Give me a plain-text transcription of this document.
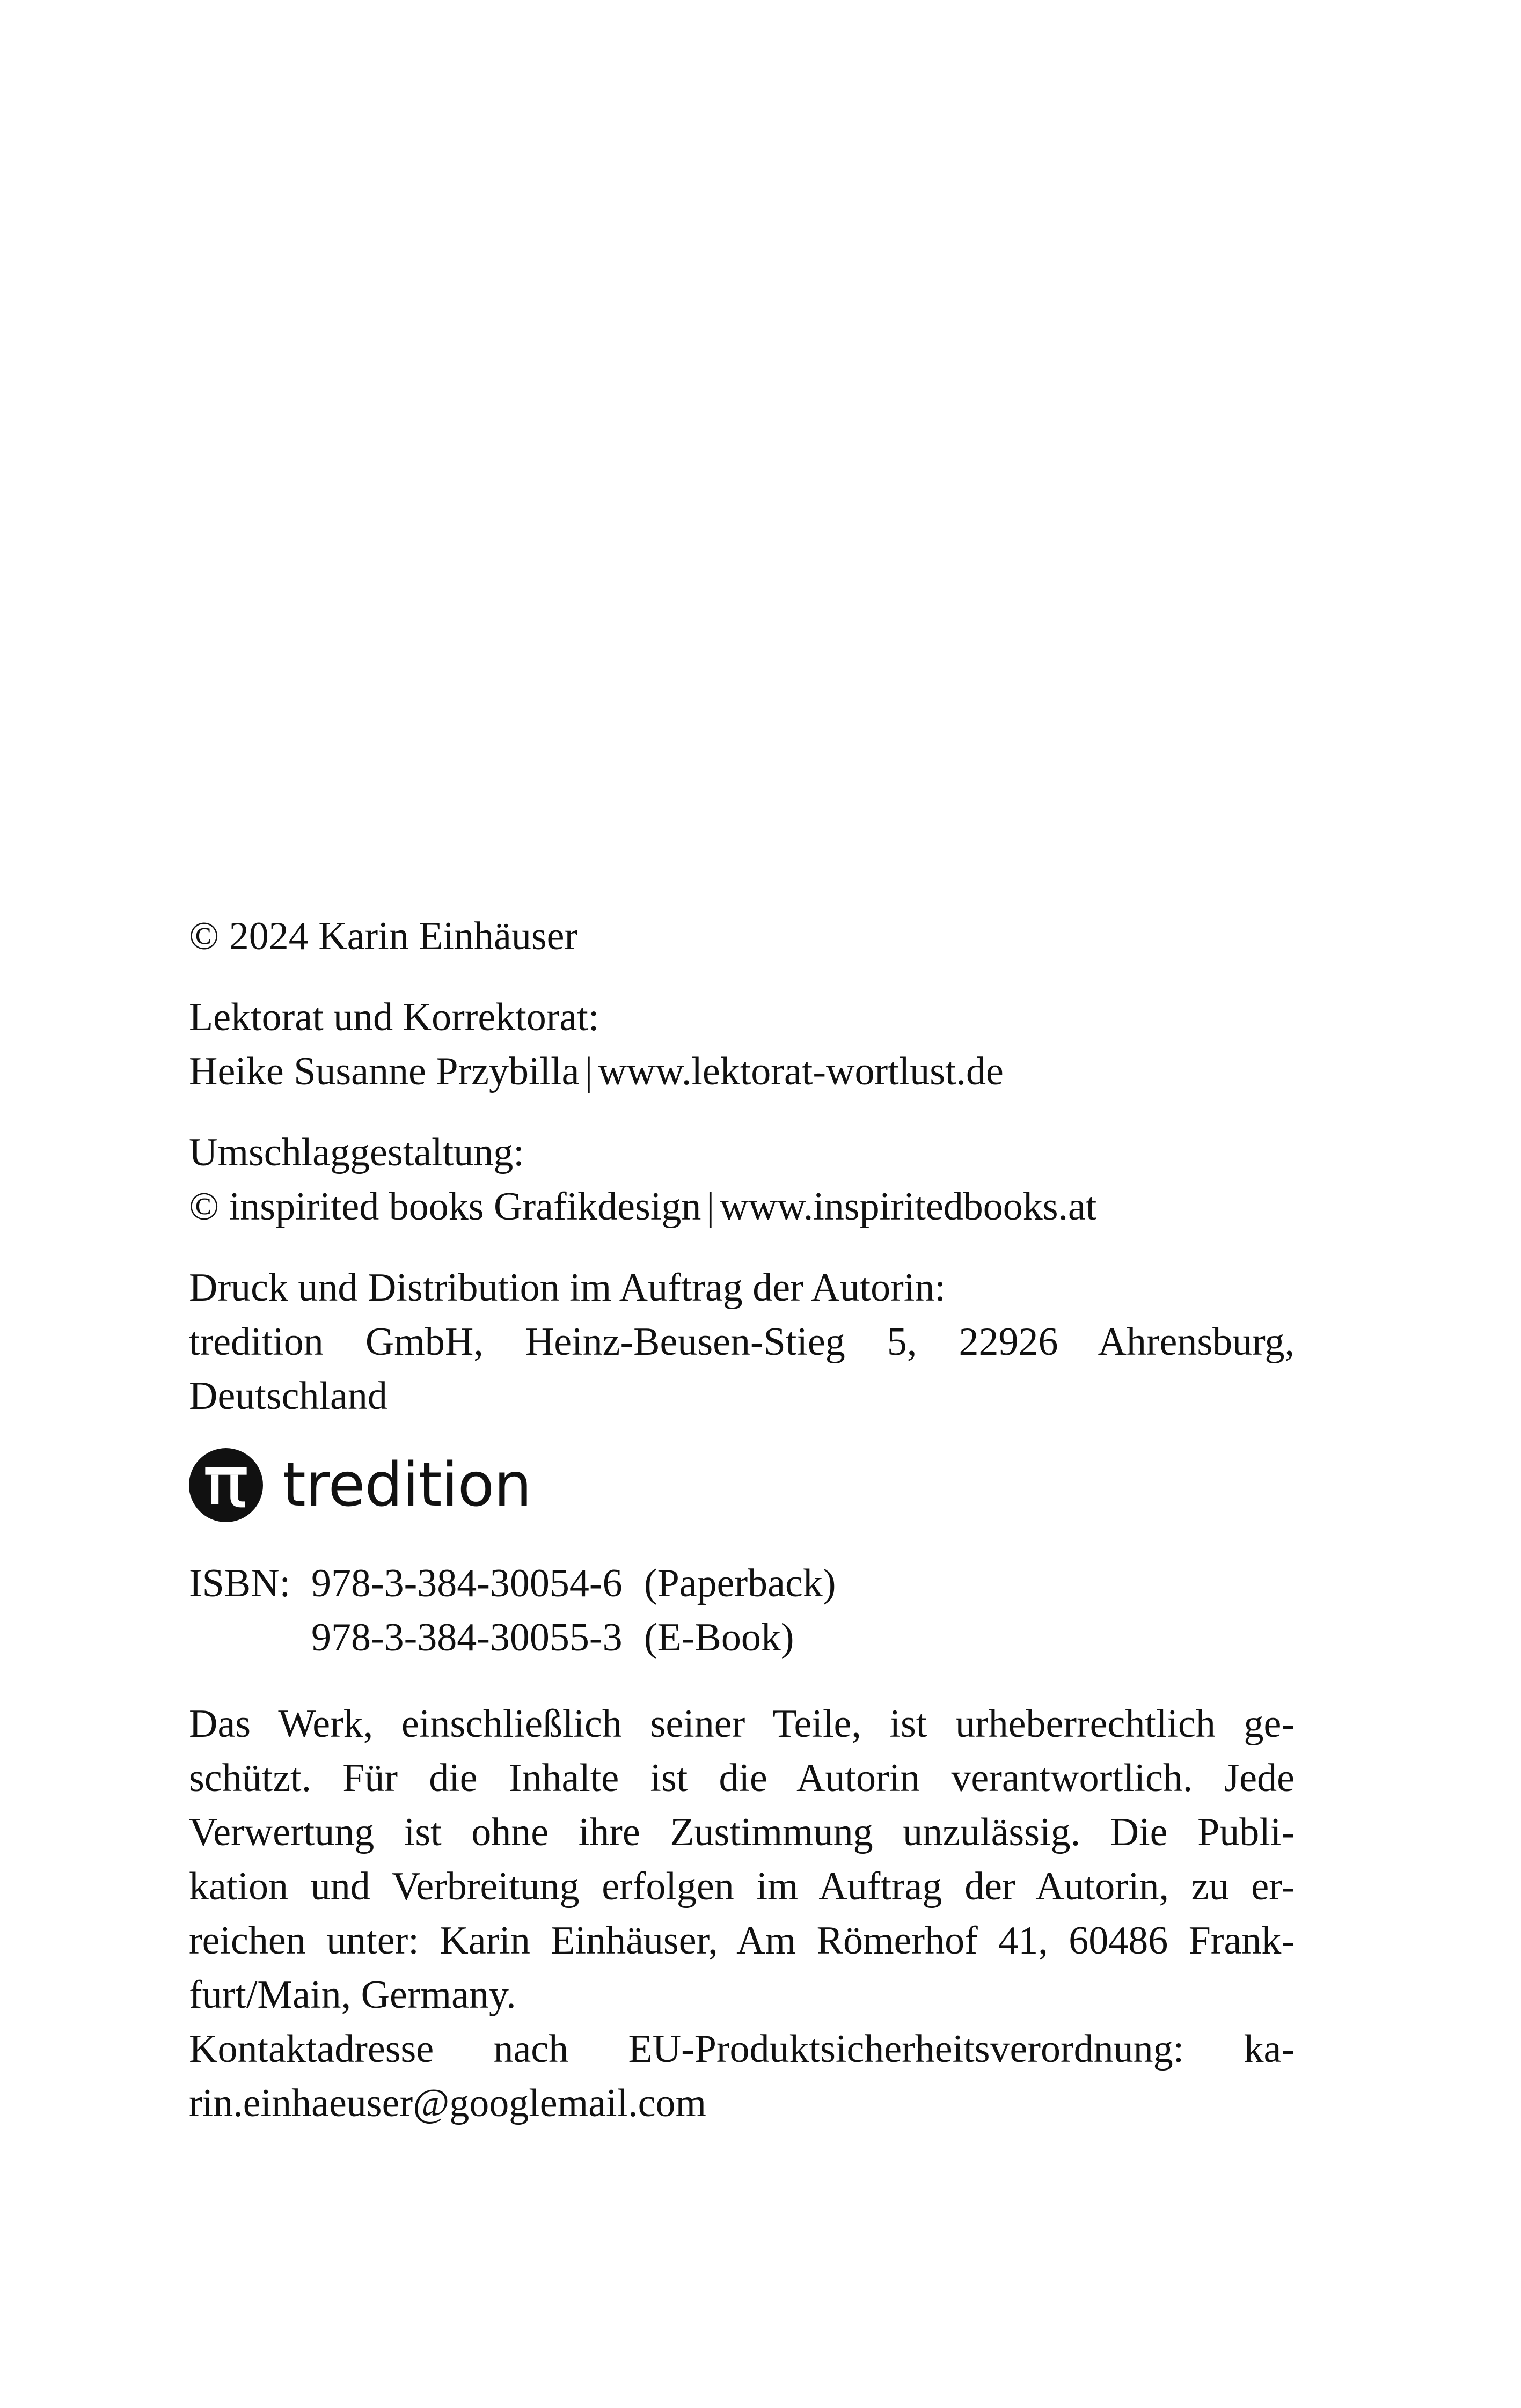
© 2024 Karin Einhäuser

Lektorat und Korrektorat:
Heike Susanne Przybilla | www.lektorat-wortlust.de

Umschlaggestaltung:
© inspirited books Grafikdesign | www.inspiritedbooks.at

Druck und Distribution im Auftrag der Autorin:
tredition GmbH, Heinz-Beusen-Stieg 5, 22926 Ahrensburg,
Deutschland

tredition
ISBN: 978-3-384-30054-6 (Paperback)
978-3-384-30055-3 (E-Book)
Das Werk, einschließlich seiner Teile, ist urheberrechtlich ge-
schützt. Für die Inhalte ist die Autorin verantwortlich. Jede
Verwertung ist ohne ihre Zustimmung unzulässig. Die Publi-
kation und Verbreitung erfolgen im Auftrag der Autorin, zu er-
reichen unter: Karin Einhäuser, Am Römerhof 41, 60486 Frank-
furt/Main, Germany.
Kontaktadresse nach EU-Produktsicherheitsverordnung: ka-
rin.einhaeuser@googlemail.com
